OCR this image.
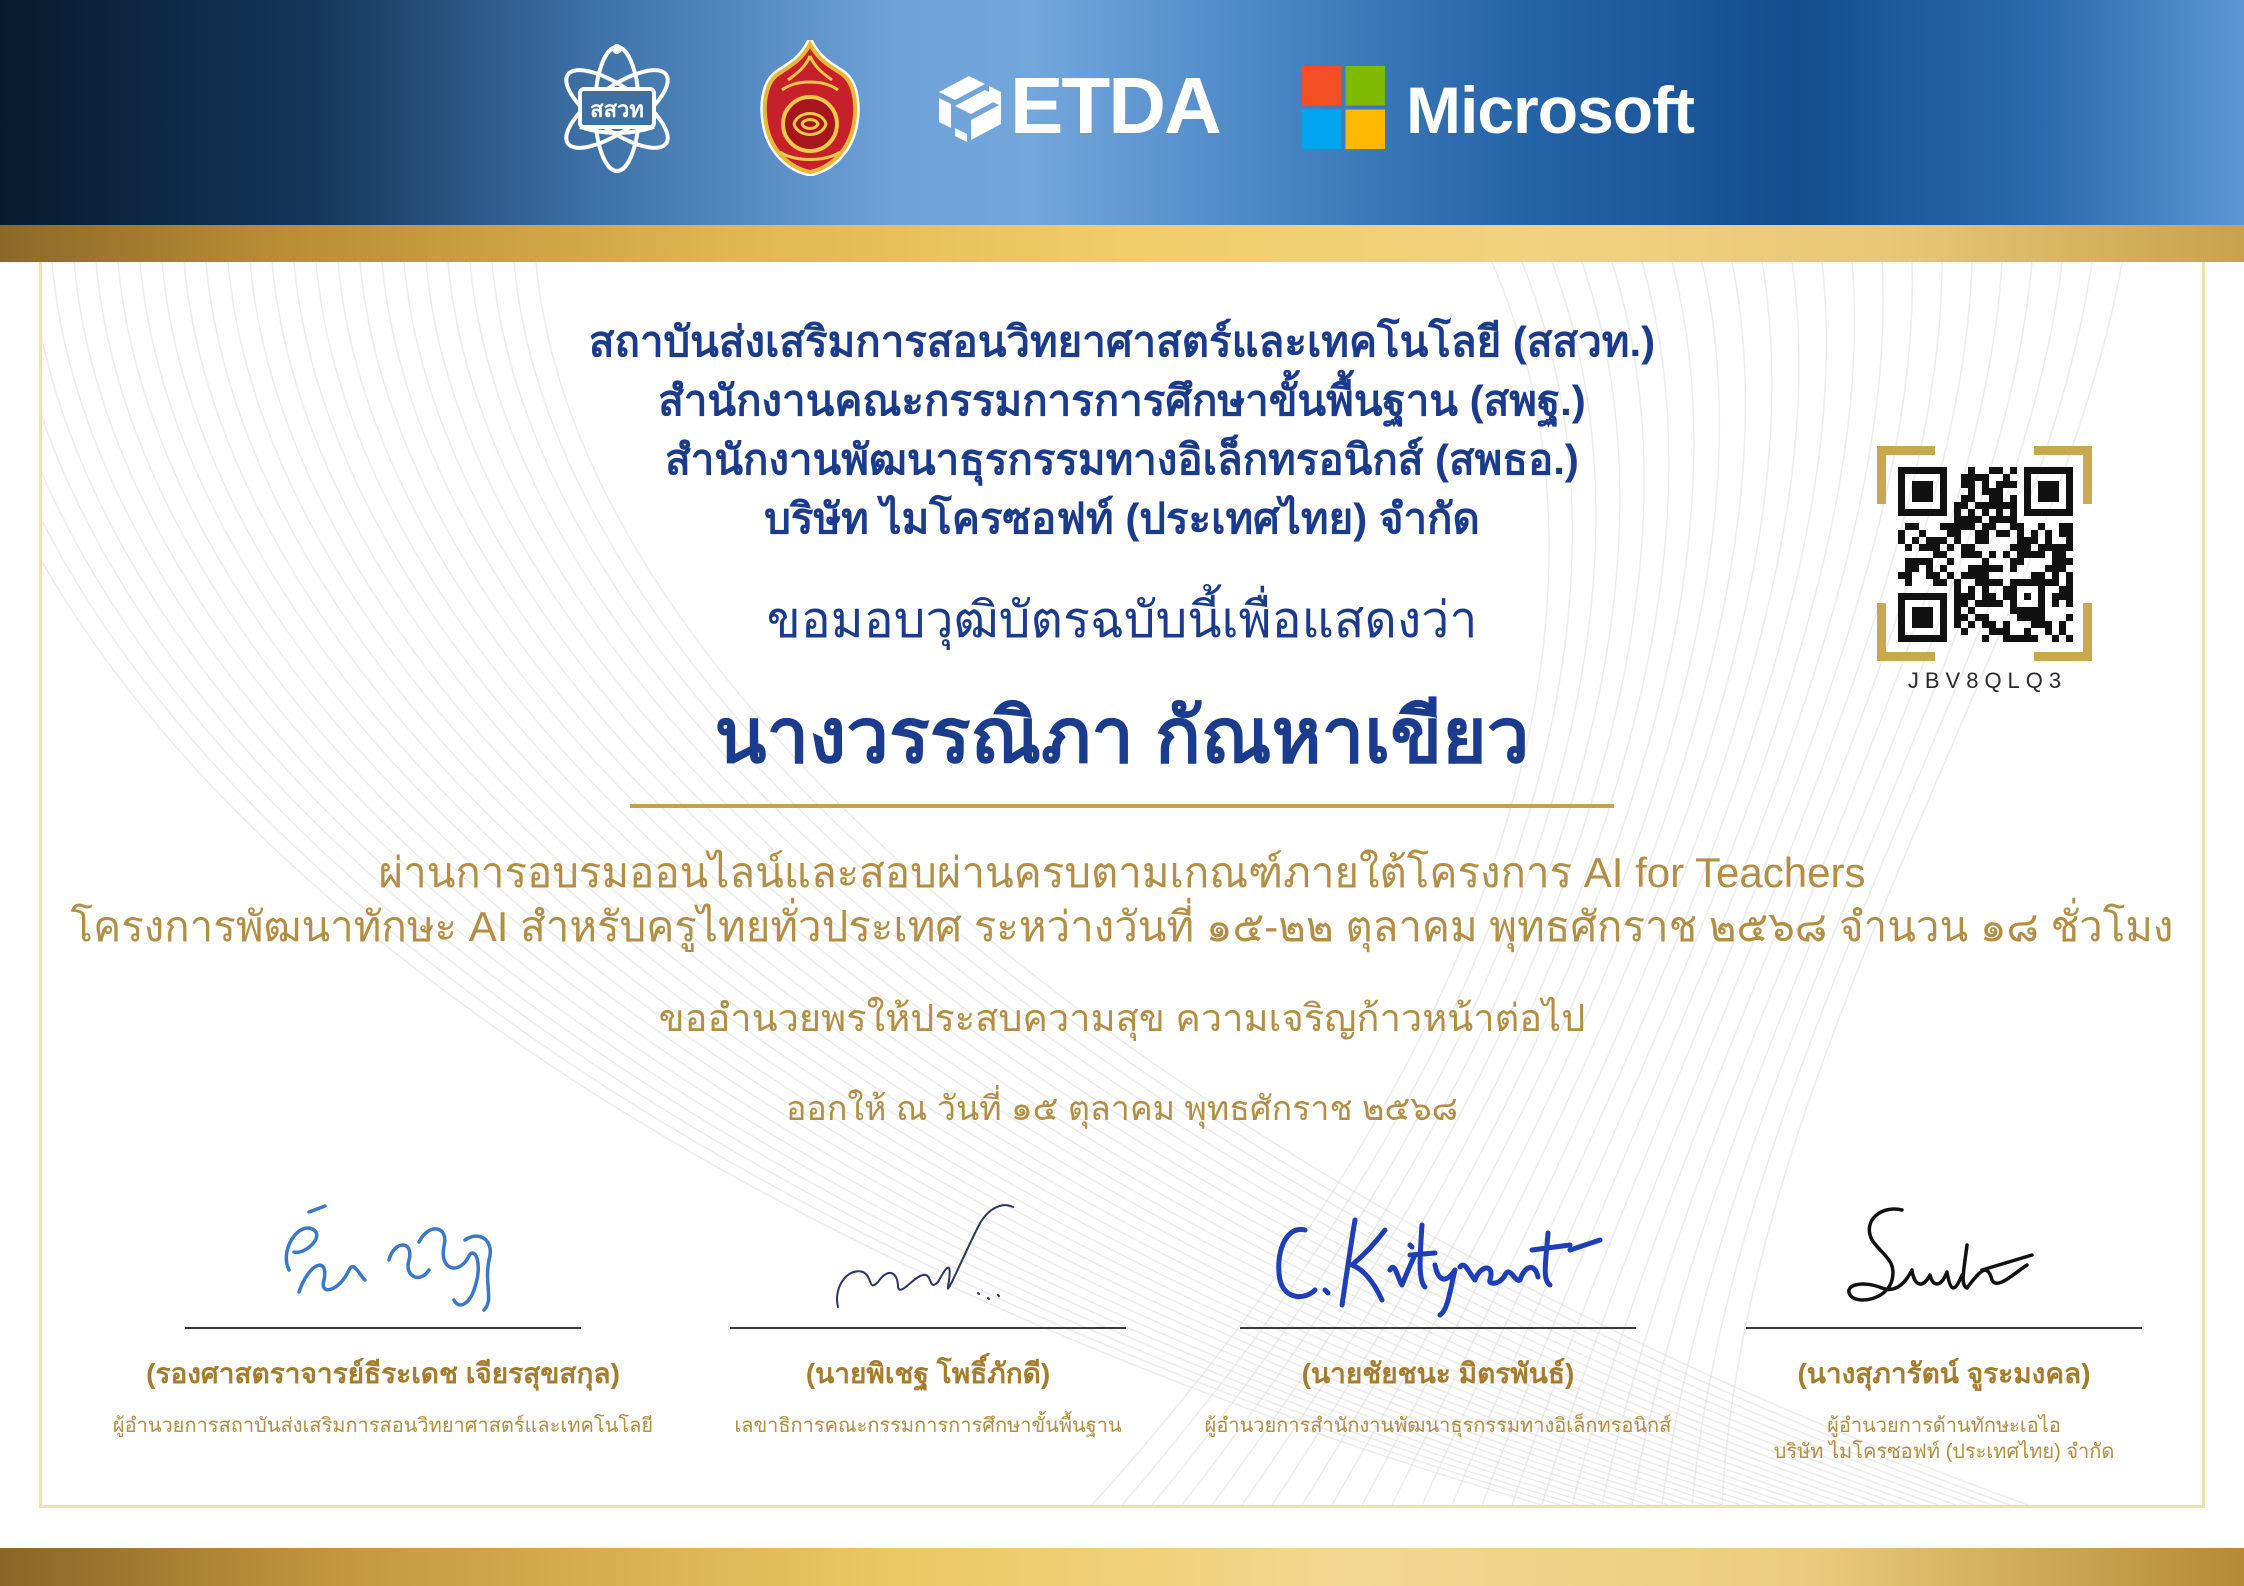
สสวท	ETDA	Microsoft
สถาบันส่งเสริมการสอนวิทยาศาสตร์และเทคโนโลยี (สสวท.)
สำนักงานคณะกรรมการการศึกษาขั้นพื้นฐาน (สพฐ.)
สำนักงานพัฒนาธุรกรรมทางอิเล็กทรอนิกส์ (สพธอ.)
บริษัท ไมโครซอฟท์ (ประเทศไทย) จำกัด
ขอมอบวุฒิบัตรฉบับนี้เพื่อแสดงว่า
นางวรรณิภา กัณหาเขียว
ผ่านการอบรมออนไลน์และสอบผ่านครบตามเกณฑ์ภายใต้โครงการ AI for Teachers
โครงการพัฒนาทักษะ AI สำหรับครูไทยทั่วประเทศ ระหว่างวันที่ ๑๕-๒๒ ตุลาคม พุทธศักราช ๒๕๖๘ จำนวน ๑๘ ชั่วโมง
ขออำนวยพรให้ประสบความสุข ความเจริญก้าวหน้าต่อไป
ออกให้ ณ วันที่ ๑๕ ตุลาคม พุทธศักราช ๒๕๖๘
JBV8QLQ3
(รองศาสตราจารย์ธีระเดช เจียรสุขสกุล)
ผู้อำนวยการสถาบันส่งเสริมการสอนวิทยาศาสตร์และเทคโนโลยี
(นายพิเชฐ โพธิ์ภักดี)
เลขาธิการคณะกรรมการการศึกษาขั้นพื้นฐาน
(นายชัยชนะ มิตรพันธ์)
ผู้อำนวยการสำนักงานพัฒนาธุรกรรมทางอิเล็กทรอนิกส์
(นางสุภารัตน์ จูระมงคล)
ผู้อำนวยการด้านทักษะเอไอ
บริษัท ไมโครซอฟท์ (ประเทศไทย) จำกัด
